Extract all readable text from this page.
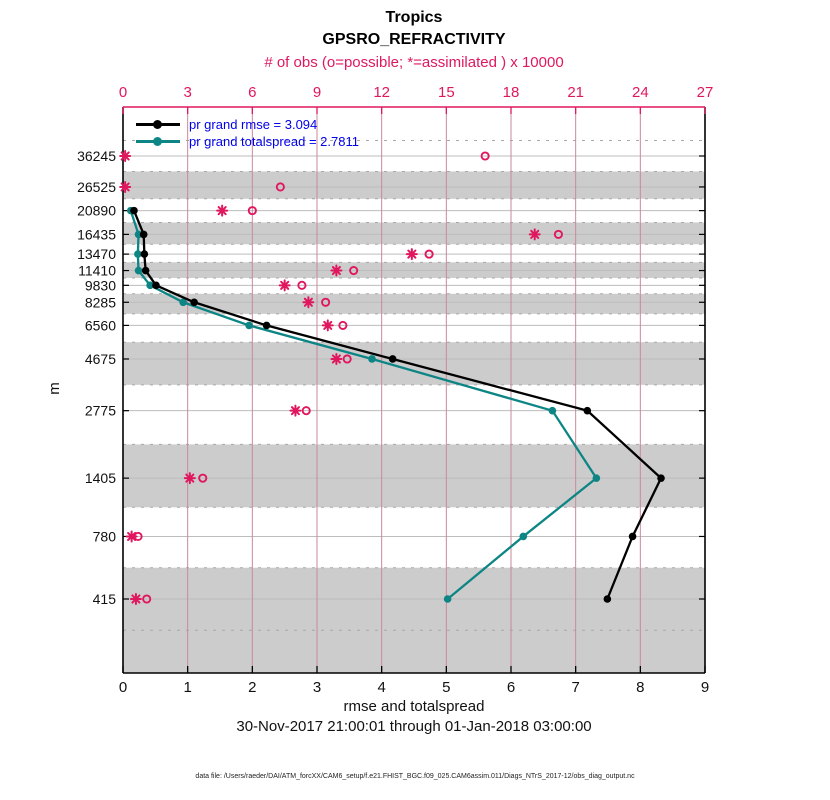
0	1	2	3	4	5	6	7	8	9
0	3	6	9	12	15	18	21	24	27
36245
26525
20890
16435
13470
11410
9830
8285
6560
4675
2775
1405
780
415
Tropics
GPSRO_REFRACTIVITY
# of obs (o=possible; *=assimilated ) x 10000
pr grand rmse = 3.094
pr grand totalspread = 2.7811
m
rmse and totalspread
30-Nov-2017 21:00:01 through 01-Jan-2018 03:00:00
data file: /Users/raeder/DAI/ATM_forcXX/CAM6_setup/f.e21.FHIST_BGC.f09_025.CAM6assim.011/Diags_NTrS_2017-12/obs_diag_output.nc
